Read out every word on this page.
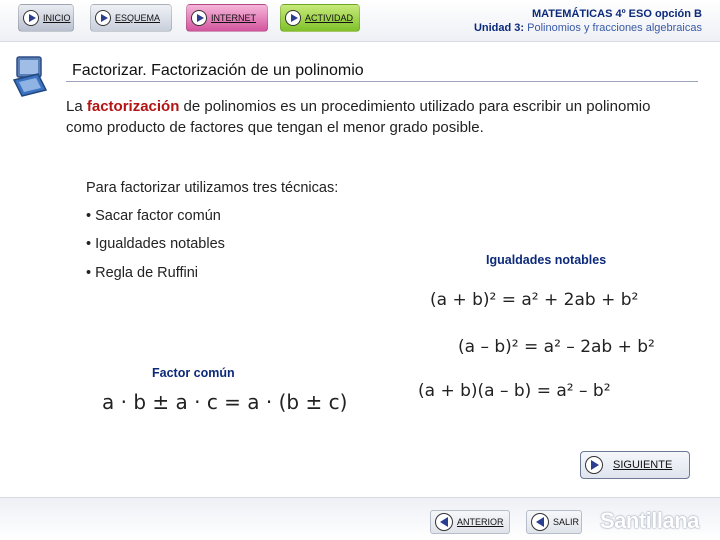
INICIO	ESQUEMA	INTERNET	ACTIVIDAD	MATEMÁTICAS 4º ESO opción B
Unidad 3: Polinomios y fracciones algebraicas
Factorizar. Factorización de un polinomio
La factorización de polinomios es un procedimiento utilizado para escribir un polinomio como producto de factores que tengan el menor grado posible.
Para factorizar utilizamos tres técnicas:
• Sacar factor común
• Igualdades notables
• Regla de Ruffini
Igualdades notables
(a + b)² = a² + 2ab + b²
(a – b)² = a² – 2ab + b²
(a + b)(a – b) = a² – b²
Factor común
a · b ± a · c = a · (b ± c)
SIGUIENTE
ANTERIOR	SALIR Santillana
